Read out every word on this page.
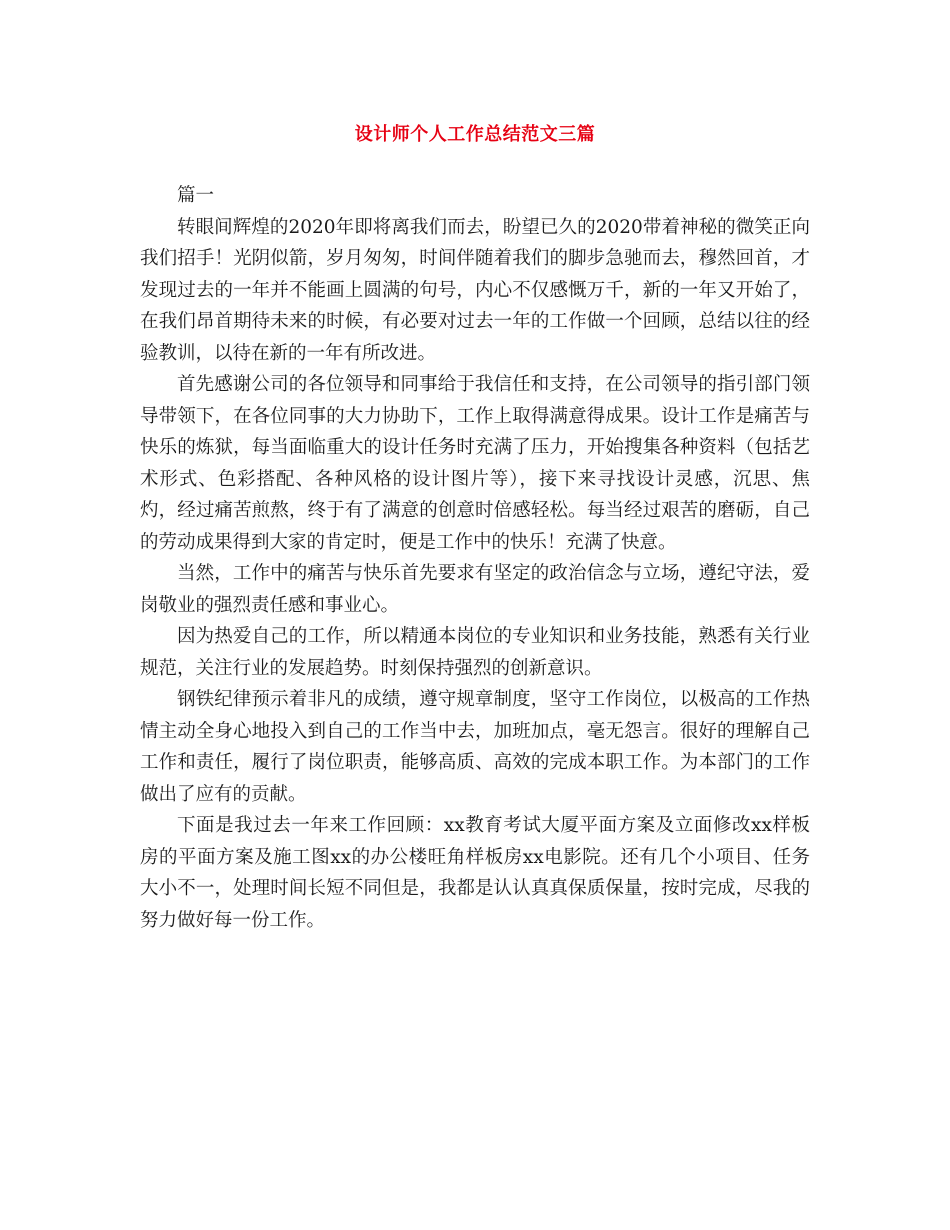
设计师个人工作总结范文三篇

篇一

转眼间辉煌的2020年即将离我们而去，盼望已久的2020带着神秘的微笑正向我们招手！光阴似箭，岁月匆匆，时间伴随着我们的脚步急驰而去，穆然回首，才发现过去的一年并不能画上圆满的句号，内心不仅感慨万千，新的一年又开始了，在我们昂首期待未来的时候，有必要对过去一年的工作做一个回顾，总结以往的经验教训，以待在新的一年有所改进。

首先感谢公司的各位领导和同事给于我信任和支持，在公司领导的指引部门领导带领下，在各位同事的大力协助下，工作上取得满意得成果。设计工作是痛苦与快乐的炼狱，每当面临重大的设计任务时充满了压力，开始搜集各种资料（包括艺术形式、色彩搭配、各种风格的设计图片等），接下来寻找设计灵感，沉思、焦灼，经过痛苦煎熬，终于有了满意的创意时倍感轻松。每当经过艰苦的磨砺，自己的劳动成果得到大家的肯定时，便是工作中的快乐！充满了快意。

当然，工作中的痛苦与快乐首先要求有坚定的政治信念与立场，遵纪守法，爱岗敬业的强烈责任感和事业心。

因为热爱自己的工作，所以精通本岗位的专业知识和业务技能，熟悉有关行业规范，关注行业的发展趋势。时刻保持强烈的创新意识。

钢铁纪律预示着非凡的成绩，遵守规章制度，坚守工作岗位，以极高的工作热情主动全身心地投入到自己的工作当中去，加班加点，毫无怨言。很好的理解自己工作和责任，履行了岗位职责，能够高质、高效的完成本职工作。为本部门的工作做出了应有的贡献。

下面是我过去一年来工作回顾：xx教育考试大厦平面方案及立面修改xx样板房的平面方案及施工图xx的办公楼旺角样板房xx电影院。还有几个小项目、任务大小不一，处理时间长短不同但是，我都是认认真真保质保量，按时完成，尽我的努力做好每一份工作。
